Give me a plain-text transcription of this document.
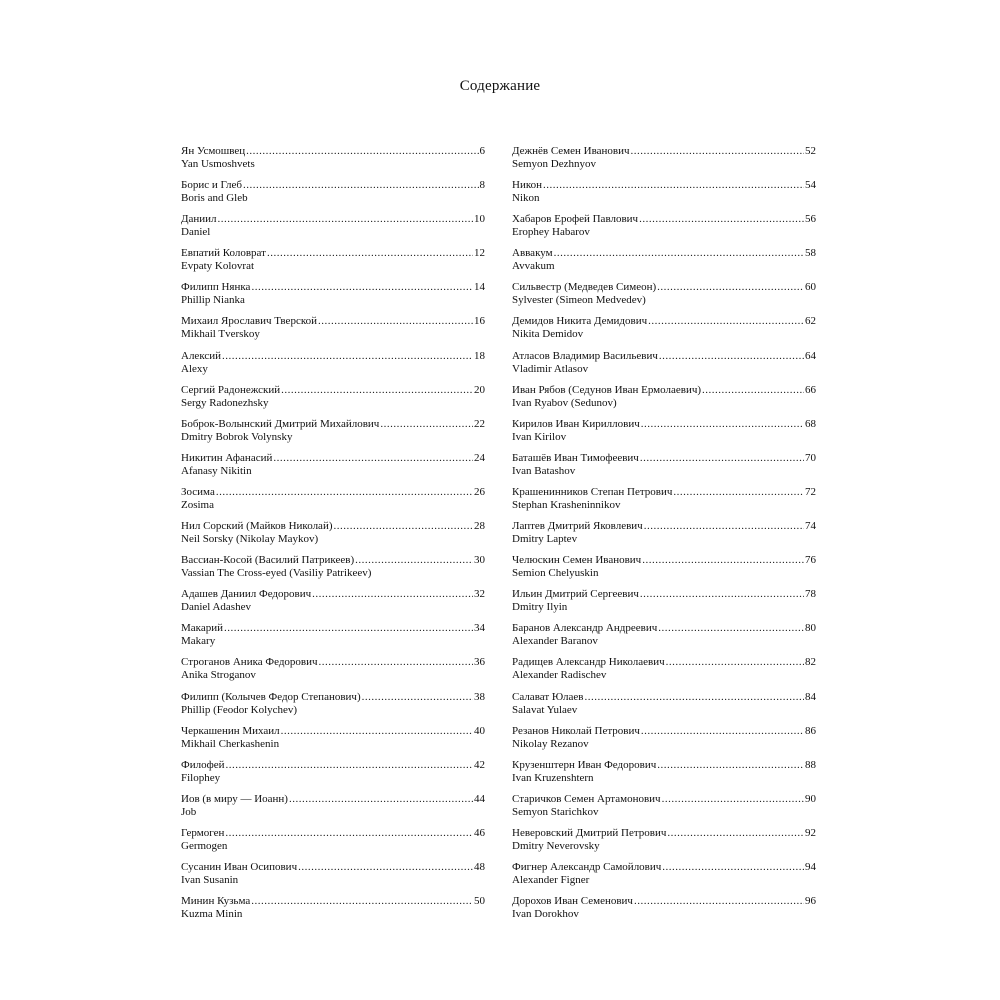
Содержание
Ян Усмошвец .....	6
Yan Usmoshvets
Борис и Глеб .....	8
Boris and Gleb
Даниил .....	10
Daniel
Евпатий Коловрат .....	12
Evpaty Kolovrat
Филипп Нянка .....	14
Phillip Nianka
Михаил Ярославич Тверской .....	16
Mikhail Tverskoy
Алексий .....	18
Alexy
Сергий Радонежский .....	20
Sergy Radonezhsky
Боброк-Волынский Дмитрий Михайлович .....	22
Dmitry Bobrok Volynsky
Никитин Афанасий .....	24
Afanasy Nikitin
Зосима .....	26
Zosima
Нил Сорский (Майков Николай) .....	28
Neil Sorsky (Nikolay Maykov)
Вассиан-Косой (Василий Патрикеев) .....	30
Vassian The Cross-eyed (Vasiliy Patrikeev)
Адашев Даниил Федорович .....	32
Daniel Adashev
Макарий .....	34
Makary
Строганов Аника Федорович .....	36
Anika Stroganov
Филипп (Колычев Федор Степанович) .....	38
Phillip (Feodor Kolychev)
Черкашенин Михаил .....	40
Mikhail Cherkashenin
Филофей .....	42
Filophey
Иов (в миру — Иоанн) .....	44
Job
Гермоген .....	46
Germogen
Сусанин Иван Осипович .....	48
Ivan Susanin
Минин Кузьма .....	50
Kuzma Minin
Дежнёв Семен Иванович .....	52
Semyon Dezhnyov
Никон .....	54
Nikon
Хабаров Ерофей Павлович .....	56
Erophey Habarov
Аввакум .....	58
Avvakum
Сильвестр (Медведев Симеон) .....	60
Sylvester (Simeon Medvedev)
Демидов Никита Демидович .....	62
Nikita Demidov
Атласов Владимир Васильевич .....	64
Vladimir Atlasov
Иван Рябов (Седунов Иван Ермолаевич) .....	66
Ivan Ryabov (Sedunov)
Кирилов Иван Кириллович .....	68
Ivan Kirilov
Баташёв Иван Тимофеевич .....	70
Ivan Batashov
Крашенинников Степан Петрович .....	72
Stephan Krasheninnikov
Лаптев Дмитрий Яковлевич .....	74
Dmitry Laptev
Челюскин Семен Иванович .....	76
Semion Chelyuskin
Ильин Дмитрий Сергеевич .....	78
Dmitry Ilyin
Баранов Александр Андреевич .....	80
Alexander Baranov
Радищев Александр Николаевич .....	82
Alexander Radischev
Салават Юлаев .....	84
Salavat Yulaev
Резанов Николай Петрович .....	86
Nikolay Rezanov
Крузенштерн Иван Федорович .....	88
Ivan Kruzenshtern
Старичков Семен Артамонович .....	90
Semyon Starichkov
Неверовский Дмитрий Петрович .....	92
Dmitry Neverovsky
Фигнер Александр Самойлович .....	94
Alexander Figner
Дорохов Иван Семенович .....	96
Ivan Dorokhov
